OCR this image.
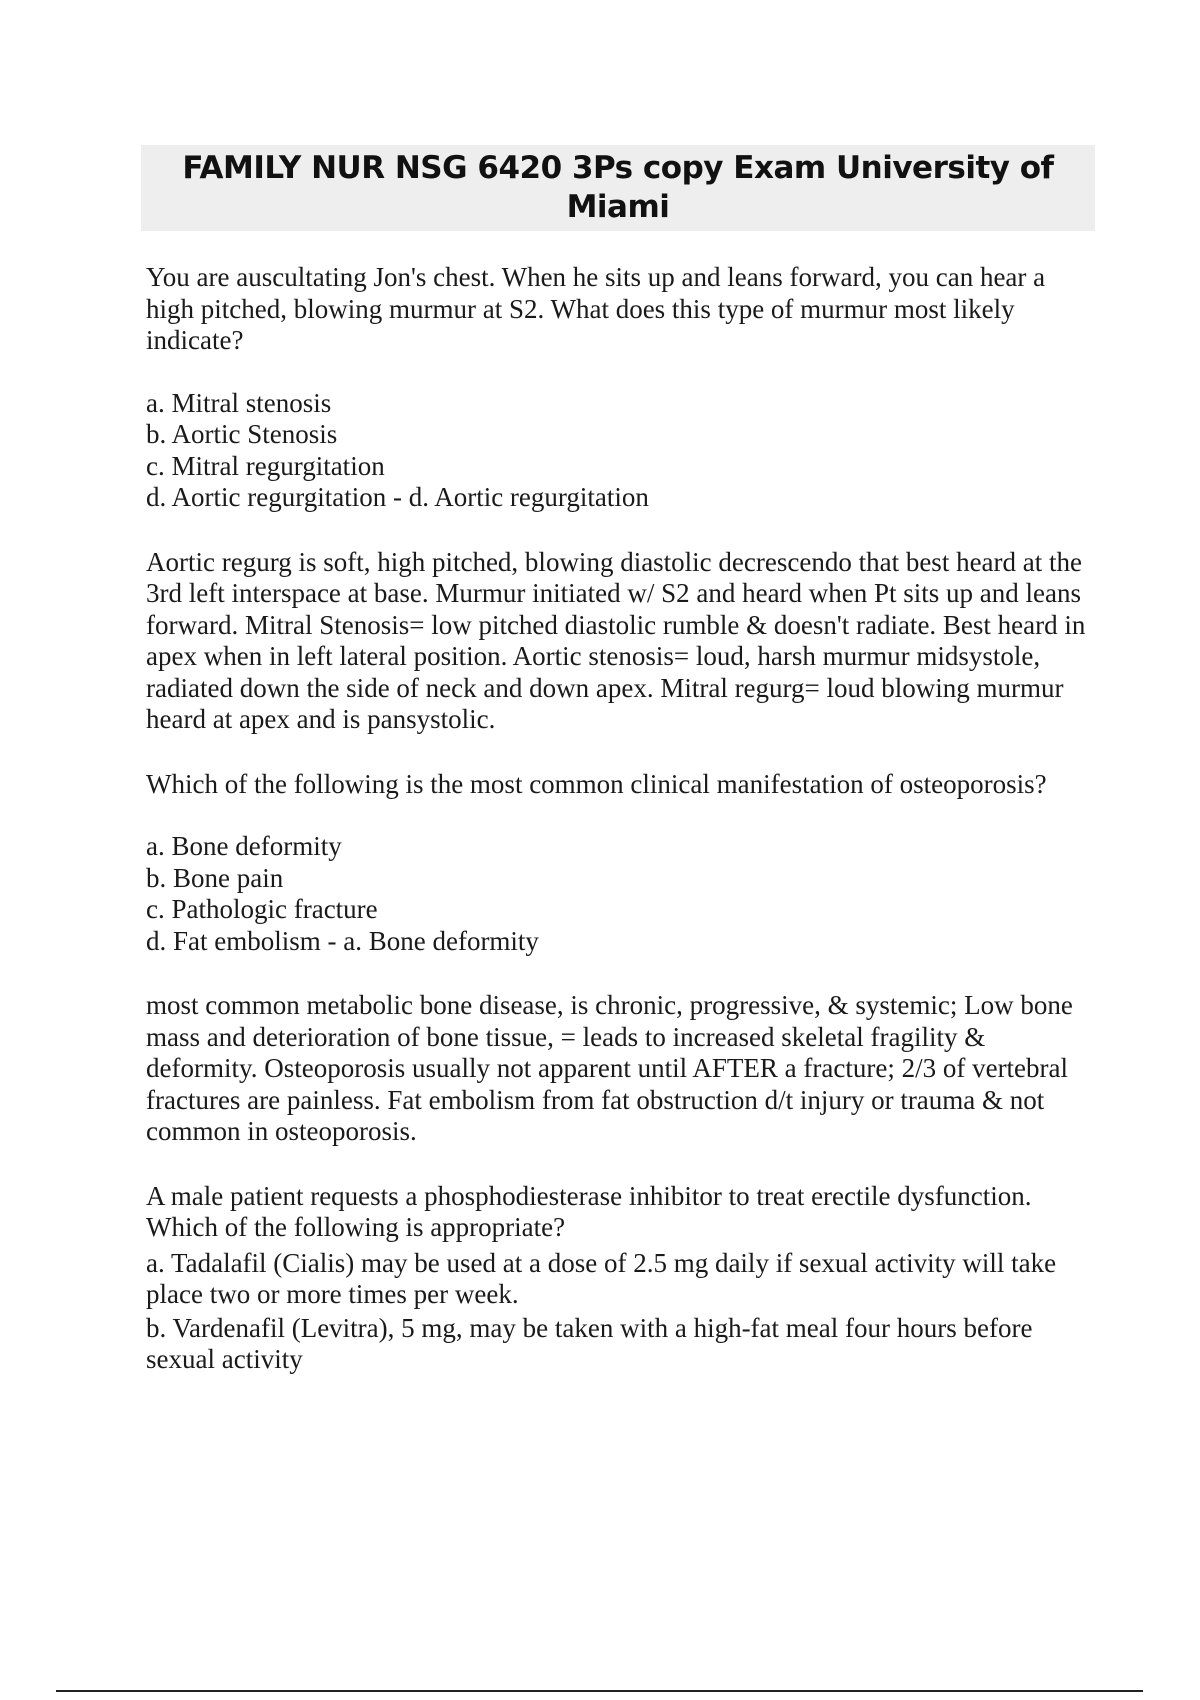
FAMILY NUR NSG 6420 3Ps copy Exam University of Miami

You are auscultating Jon's chest. When he sits up and leans forward, you can hear a high pitched, blowing murmur at S2. What does this type of murmur most likely indicate?

a. Mitral stenosis
b. Aortic Stenosis
c. Mitral regurgitation
d. Aortic regurgitation - d. Aortic regurgitation

Aortic regurg is soft, high pitched, blowing diastolic decrescendo that best heard at the 3rd left interspace at base. Murmur initiated w/ S2 and heard when Pt sits up and leans forward. Mitral Stenosis= low pitched diastolic rumble & doesn't radiate. Best heard in apex when in left lateral position. Aortic stenosis= loud, harsh murmur midsystole, radiated down the side of neck and down apex. Mitral regurg= loud blowing murmur heard at apex and is pansystolic.

Which of the following is the most common clinical manifestation of osteoporosis?

a. Bone deformity
b. Bone pain
c. Pathologic fracture
d. Fat embolism - a. Bone deformity

most common metabolic bone disease, is chronic, progressive, & systemic; Low bone mass and deterioration of bone tissue, = leads to increased skeletal fragility & deformity. Osteoporosis usually not apparent until AFTER a fracture; 2/3 of vertebral fractures are painless. Fat embolism from fat obstruction d/t injury or trauma & not common in osteoporosis.

A male patient requests a phosphodiesterase inhibitor to treat erectile dysfunction. Which of the following is appropriate?

a. Tadalafil (Cialis) may be used at a dose of 2.5 mg daily if sexual activity will take place two or more times per week.
b. Vardenafil (Levitra), 5 mg, may be taken with a high-fat meal four hours before sexual activity
